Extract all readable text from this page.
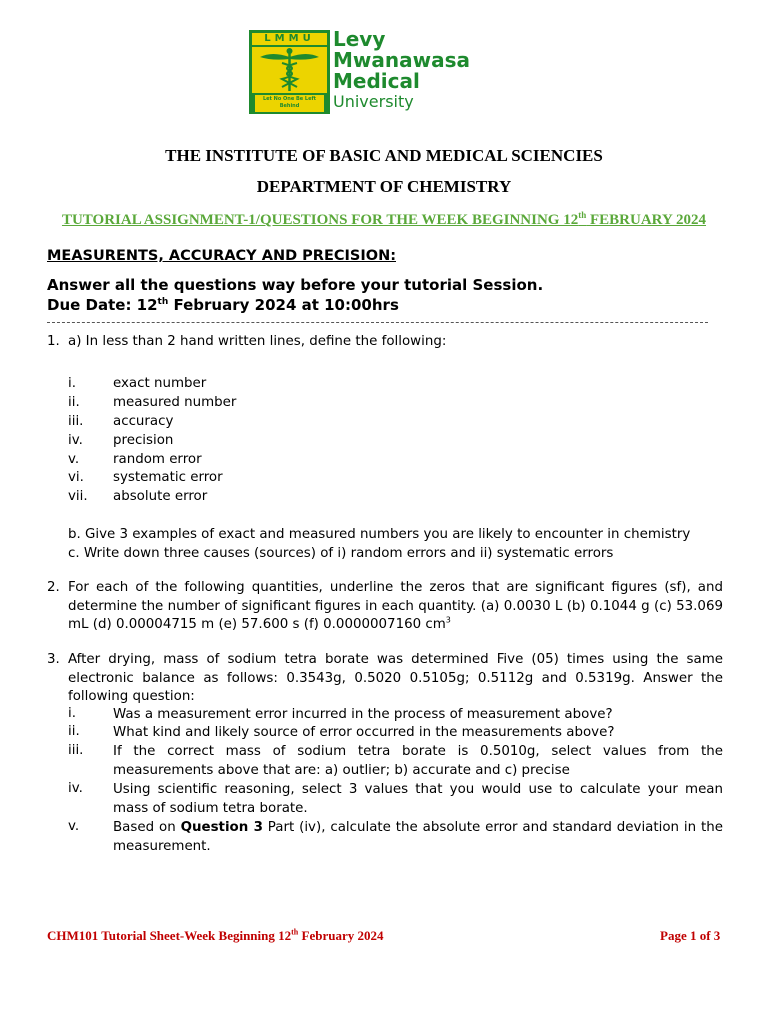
LMMU
Let No One Be Left Behind
Levy
Mwanawasa
Medical
University
THE INSTITUTE OF BASIC AND MEDICAL SCIENCIES
DEPARTMENT OF CHEMISTRY
TUTORIAL ASSIGNMENT-1/QUESTIONS FOR THE WEEK BEGINNING 12th FEBRUARY 2024
MEASURENTS, ACCURACY AND PRECISION:
Answer all the questions way before your tutorial Session.
Due Date: 12th February 2024 at 10:00hrs
1. a) In less than 2 hand written lines, define the following:
i.	exact number
ii. measured number
iii. accuracy
iv. precision
v.	random error
vi. systematic error
vii. absolute error
b. Give 3 examples of exact and measured numbers you are likely to encounter in chemistry
c. Write down three causes (sources) of i) random errors and ii) systematic errors
2. For each of the following quantities, underline the zeros that are significant figures (sf), and determine the number of significant figures in each quantity. (a) 0.0030 L (b) 0.1044 g (c) 53.069 mL (d) 0.00004715 m (e) 57.600 s (f) 0.0000007160 $cm^3$
3. After drying, mass of sodium tetra borate was determined Five (05) times using the same electronic balance as follows: 0.3543g, 0.5020 0.5105g; 0.5112g and 0.5319g. Answer the following question:
i.	Was a measurement error incurred in the process of measurement above?
ii. What kind and likely source of error occurred in the measurements above?
iii. If the correct mass of sodium tetra borate is 0.5010g, select values from the measurements above that are: a) outlier; b) accurate and c) precise
iv. Using scientific reasoning, select 3 values that you would use to calculate your mean mass of sodium tetra borate.
v.	Based on Question 3 Part (iv), calculate the absolute error and standard deviation in the measurement.
CHM101 Tutorial Sheet-Week Beginning 12th February 2024	Page 1 of 3
